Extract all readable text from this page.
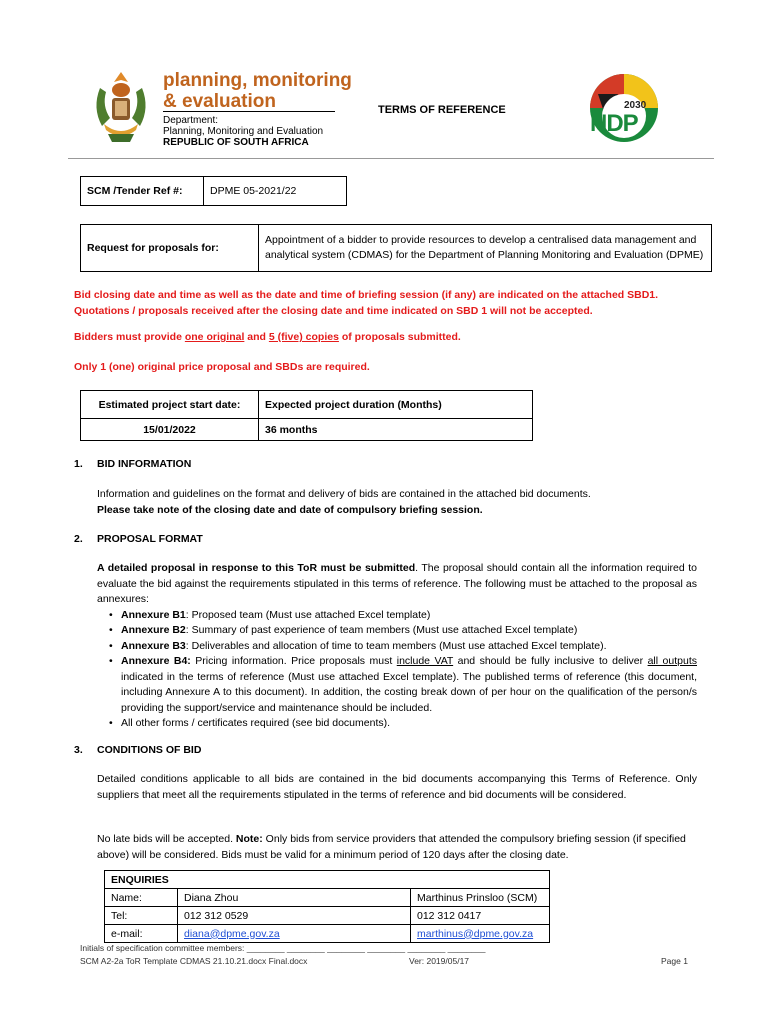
planning, monitoring
& evaluation
Department:
Planning, Monitoring and Evaluation
REPUBLIC OF SOUTH AFRICA
TERMS OF REFERENCE	2030
NDP
SCM /Tender Ref #:	DPME 05-2021/22
Request for proposals for:	Appointment of a bidder to provide resources to develop a centralised data management and analytical system (CDMAS) for the Department of Planning Monitoring and Evaluation (DPME)
Bid closing date and time as well as the date and time of briefing session (if any) are indicated on the attached SBD1. Quotations / proposals received after the closing date and time indicated on SBD 1 will not be accepted.
Bidders must provide one original and 5 (five) copies of proposals submitted.
Only 1 (one) original price proposal and SBDs are required.
Estimated project start date:	Expected project duration (Months)
15/01/2022	36 months
1. BID INFORMATION
Information and guidelines on the format and delivery of bids are contained in the attached bid documents.
Please take note of the closing date and date of compulsory briefing session.
2. PROPOSAL FORMAT
A detailed proposal in response to this ToR must be submitted. The proposal should contain all the information required to evaluate the bid against the requirements stipulated in this terms of reference. The following must be attached to the proposal as annexures:
• Annexure B1: Proposed team (Must use attached Excel template)
• Annexure B2: Summary of past experience of team members (Must use attached Excel template)
• Annexure B3: Deliverables and allocation of time to team members (Must use attached Excel template).
• Annexure B4: Pricing information. Price proposals must include VAT and should be fully inclusive to deliver all outputs indicated in the terms of reference (Must use attached Excel template). The published terms of reference (this document, including Annexure A to this document). In addition, the costing break down of per hour on the qualification of the person/s providing the support/service and maintenance should be included.
• All other forms / certificates required (see bid documents).
3. CONDITIONS OF BID
Detailed conditions applicable to all bids are contained in the bid documents accompanying this Terms of Reference. Only suppliers that meet all the requirements stipulated in the terms of reference and bid documents will be considered.
No late bids will be accepted. Note: Only bids from service providers that attended the compulsory briefing session (if specified above) will be considered. Bids must be valid for a minimum period of 120 days after the closing date.
ENQUIRIES		
Name:	Diana Zhou	Marthinus Prinsloo (SCM)
Tel:	012 312 0529	012 312 0417
e-mail:	diana@dpme.gov.za	marthinus@dpme.gov.za
Initials of specification committee members: ________ ________ ________ ________ ________ ________
SCM A2-2a ToR Template CDMAS 21.10.21.docx Final.docx	Ver: 2019/05/17	Page 1
